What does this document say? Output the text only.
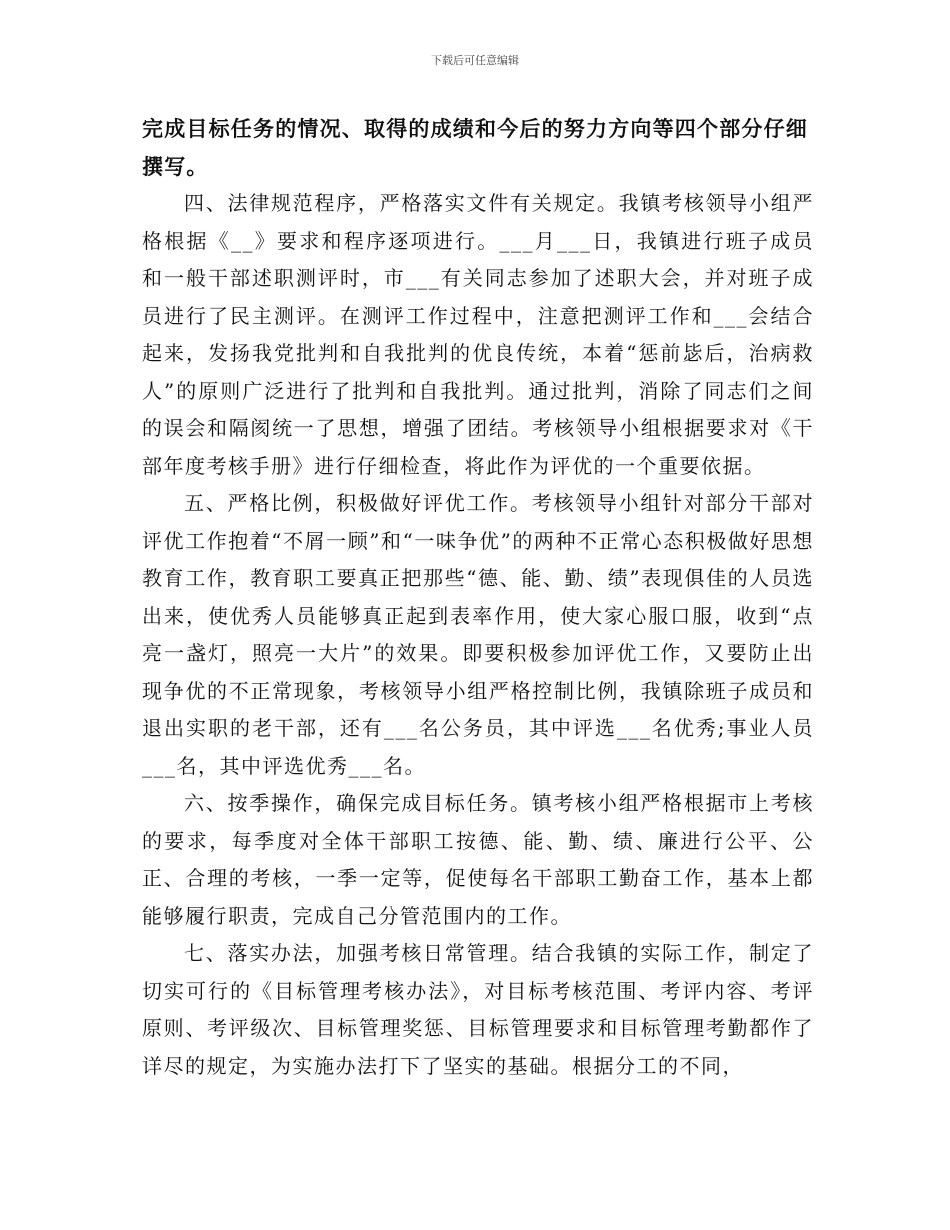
下载后可任意编辑

完成目标任务的情况、取得的成绩和今后的努力方向等四个部分仔细撰写。

四、法律规范程序，严格落实文件有关规定。我镇考核领导小组严格根据《__》要求和程序逐项进行。___月___日，我镇进行班子成员和一般干部述职测评时，市___有关同志参加了述职大会，并对班子成员进行了民主测评。在测评工作过程中，注意把测评工作和___会结合起来，发扬我党批判和自我批判的优良传统，本着“惩前毖后，治病救人”的原则广泛进行了批判和自我批判。通过批判，消除了同志们之间的误会和隔阂统一了思想，增强了团结。考核领导小组根据要求对《干部年度考核手册》进行仔细检查，将此作为评优的一个重要依据。

五、严格比例，积极做好评优工作。考核领导小组针对部分干部对评优工作抱着“不屑一顾”和“一味争优”的两种不正常心态积极做好思想教育工作，教育职工要真正把那些“德、能、勤、绩”表现俱佳的人员选出来，使优秀人员能够真正起到表率作用，使大家心服口服，收到“点亮一盏灯，照亮一大片”的效果。即要积极参加评优工作，又要防止出现争优的不正常现象，考核领导小组严格控制比例，我镇除班子成员和退出实职的老干部，还有___名公务员，其中评选___名优秀;事业人员___名，其中评选优秀___名。

六、按季操作，确保完成目标任务。镇考核小组严格根据市上考核的要求，每季度对全体干部职工按德、能、勤、绩、廉进行公平、公正、合理的考核，一季一定等，促使每名干部职工勤奋工作，基本上都能够履行职责，完成自己分管范围内的工作。

七、落实办法，加强考核日常管理。结合我镇的实际工作，制定了切实可行的《目标管理考核办法》，对目标考核范围、考评内容、考评原则、考评级次、目标管理奖惩、目标管理要求和目标管理考勤都作了详尽的规定，为实施办法打下了坚实的基础。根据分工的不同，
